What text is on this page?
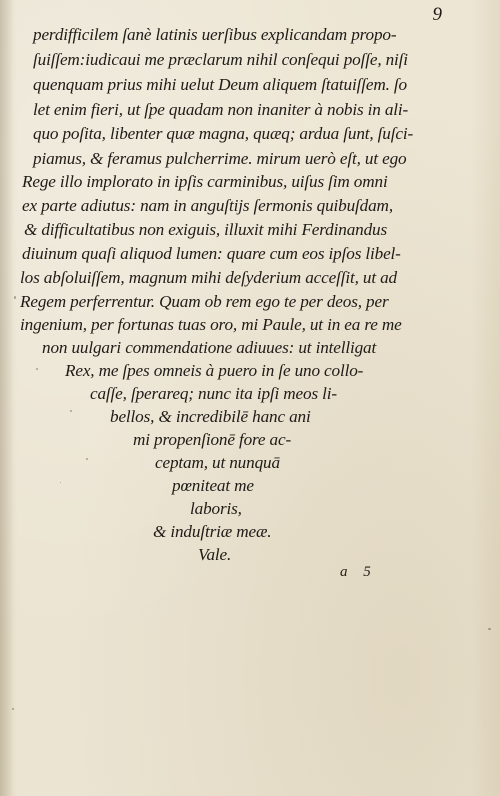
9
perdifficilem ſanè latinis uerſibus explicandam propo-
ſuiſſem:iudicaui me præclarum nihil conſequi poſſe, niſi
quenquam prius mihi uelut Deum aliquem ſtatuiſſem. ſo
let enim fieri, ut ſpe quadam non inaniter à nobis in ali-
quo poſita, libenter quæ magna, quæq; ardua ſunt, ſuſci-
piamus, & feramus pulcherrime. mirum uerò eſt, ut ego
Rege illo implorato in ipſis carminibus, uiſus ſim omni
ex parte adiutus: nam in anguſtijs ſermonis quibuſdam,
& difficultatibus non exiguis, illuxit mihi Ferdinandus
diuinum quaſi aliquod lumen: quare cum eos ipſos libel-
los abſoluiſſem, magnum mihi deſyderium acceſſit, ut ad
Regem perferrentur. Quam ob rem ego te per deos, per
ingenium, per fortunas tuas oro, mi Paule, ut in ea re me
non uulgari commendatione adiuues: ut intelligat
Rex, me ſpes omneis à puero in ſe uno collo-
caſſe, ſperareq; nunc ita ipſi meos li-
bellos, & incredibilē hanc ani
mi propenſionē fore ac-
ceptam, ut nunquā
pœniteat me
laboris,
& induſtriæ meæ.
Vale.
a 5
